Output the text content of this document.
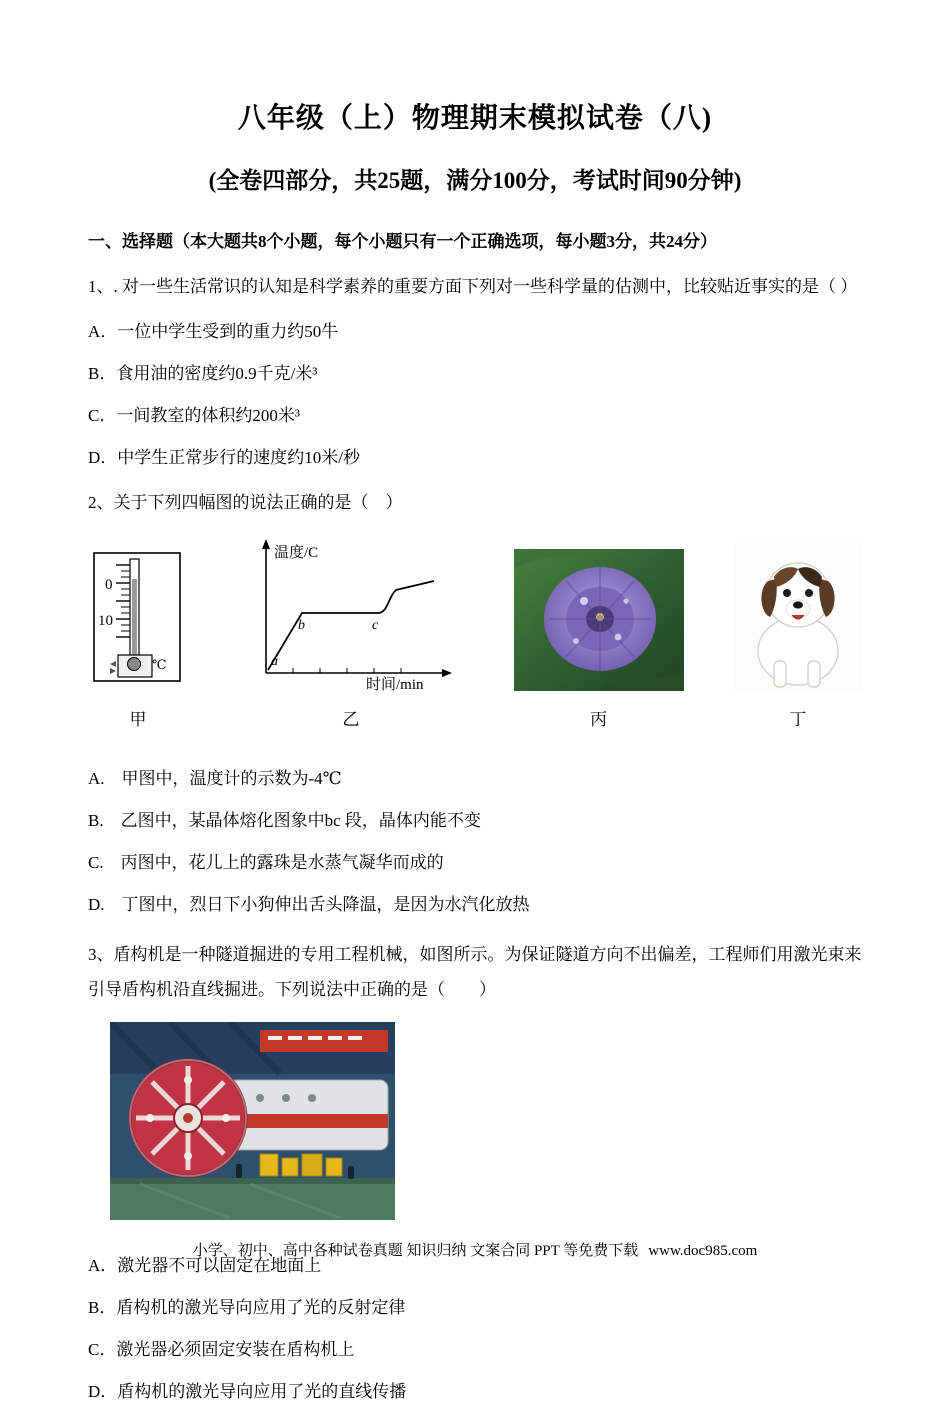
八年级（上）物理期末模拟试卷（八)
(全卷四部分，共25题，满分100分，考试时间90分钟)
一、选择题（本大题共8个小题，每个小题只有一个正确选项，每小题3分，共24分）
1、. 对一些生活常识的认知是科学素养的重要方面下列对一些科学量的估测中，比较贴近事实的是（ ）
A．一位中学生受到的重力约50牛
B．食用油的密度约0.9千克/米³
C．一间教室的体积约200米³
D．中学生正常步行的速度约10米/秒
2、关于下列四幅图的说法正确的是（　）
0
10
℃
温度/C
时间/min
a
b	c
甲	乙	丙	丁
A.　甲图中，温度计的示数为-4℃
B.　乙图中，某晶体熔化图象中bc 段，晶体内能不变
C.　丙图中，花儿上的露珠是水蒸气凝华而成的
D.　丁图中，烈日下小狗伸出舌头降温，是因为水汽化放热
3、盾构机是一种隧道掘进的专用工程机械，如图所示。为保证隧道方向不出偏差，工程师们用激光束来引导盾构机沿直线掘进。下列说法中正确的是（　　）
A．激光器不可以固定在地面上
B．盾构机的激光导向应用了光的反射定律
C．激光器必须固定安装在盾构机上
D．盾构机的激光导向应用了光的直线传播
小学、初中、高中各种试卷真题 知识归纳 文案合同 PPT 等免费下载 www.doc985.com
